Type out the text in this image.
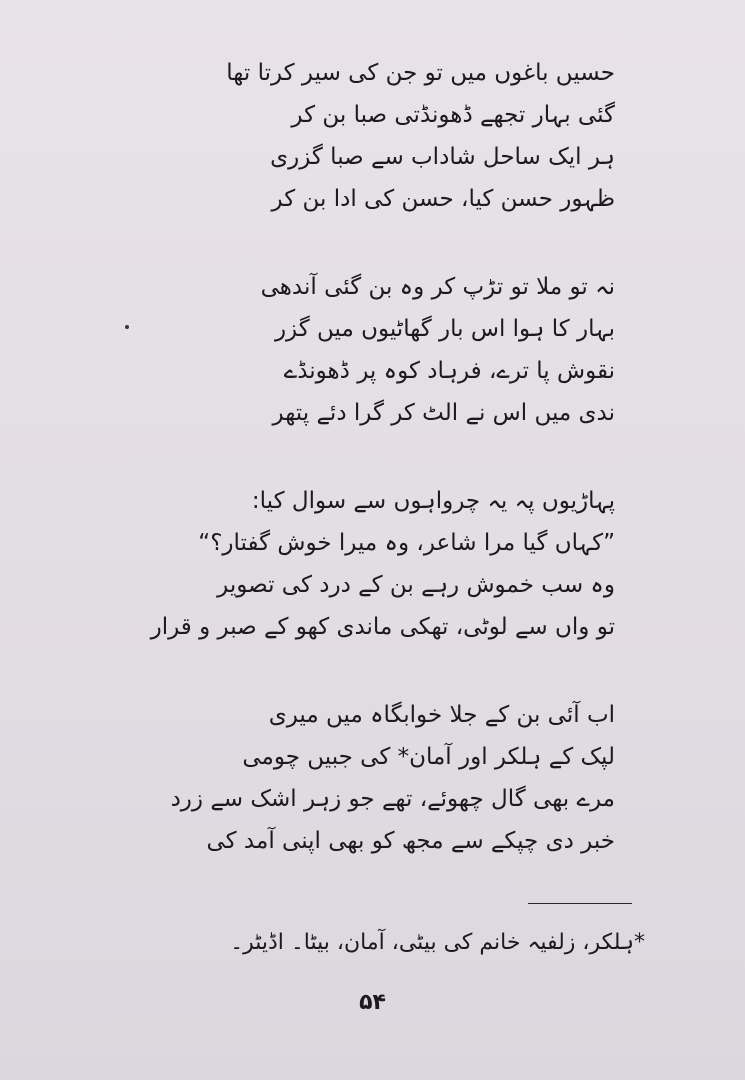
حسیں باغوں میں تو جن کی سیر کرتا تھا
گئی بہار تجھے ڈھونڈتی صبا بن کر
ہر ایک ساحل شاداب سے صبا گزری
ظہور حسن کیا، حسن کی ادا بن کر
نہ تو ملا تو تڑپ کر وہ بن گئی آندھی
بہار کا ہوا اس بار گھاٹیوں میں گزر
نقوش پا ترے، فرہاد کوہ پر ڈھونڈے
ندی میں اس نے الٹ کر گرا دئے پتھر
پہاڑیوں پہ یہ چرواہوں سے سوال کیا:
”کہاں گیا مرا شاعر، وہ میرا خوش گفتار؟“
وہ سب خموش رہے بن کے درد کی تصویر
تو واں سے لوٹی، تھکی ماندی کھو کے صبر و قرار
اب آئی بن کے جلا خوابگاہ میں میری
لپک کے ہلکر اور آمان* کی جبیں چومی
مرے بھی گال چھوئے، تھے جو زہر اشک سے زرد
خبر دی چپکے سے مجھ کو بھی اپنی آمد کی
*ہلکر، زلفیہ خانم کی بیٹی، آمان، بیٹا۔ اڈیٹر۔
۵۴
